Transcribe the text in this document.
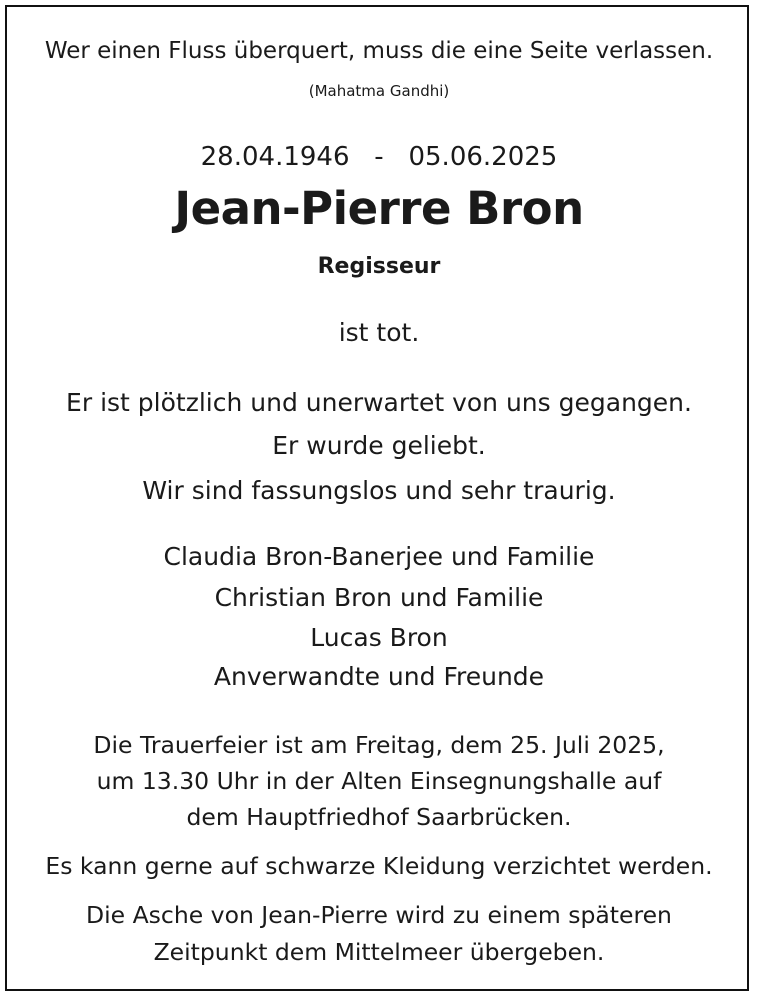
Wer einen Fluss überquert, muss die eine Seite verlassen.
(Mahatma Gandhi)
28.04.1946   -   05.06.2025
Jean-Pierre Bron
Regisseur
ist tot.
Er ist plötzlich und unerwartet von uns gegangen.
Er wurde geliebt.
Wir sind fassungslos und sehr traurig.
Claudia Bron-Banerjee und Familie
Christian Bron und Familie
Lucas Bron
Anverwandte und Freunde
Die Trauerfeier ist am Freitag, dem 25. Juli 2025,
um 13.30 Uhr in der Alten Einsegnungshalle auf
dem Hauptfriedhof Saarbrücken.
Es kann gerne auf schwarze Kleidung verzichtet werden.
Die Asche von Jean-Pierre wird zu einem späteren
Zeitpunkt dem Mittelmeer übergeben.
